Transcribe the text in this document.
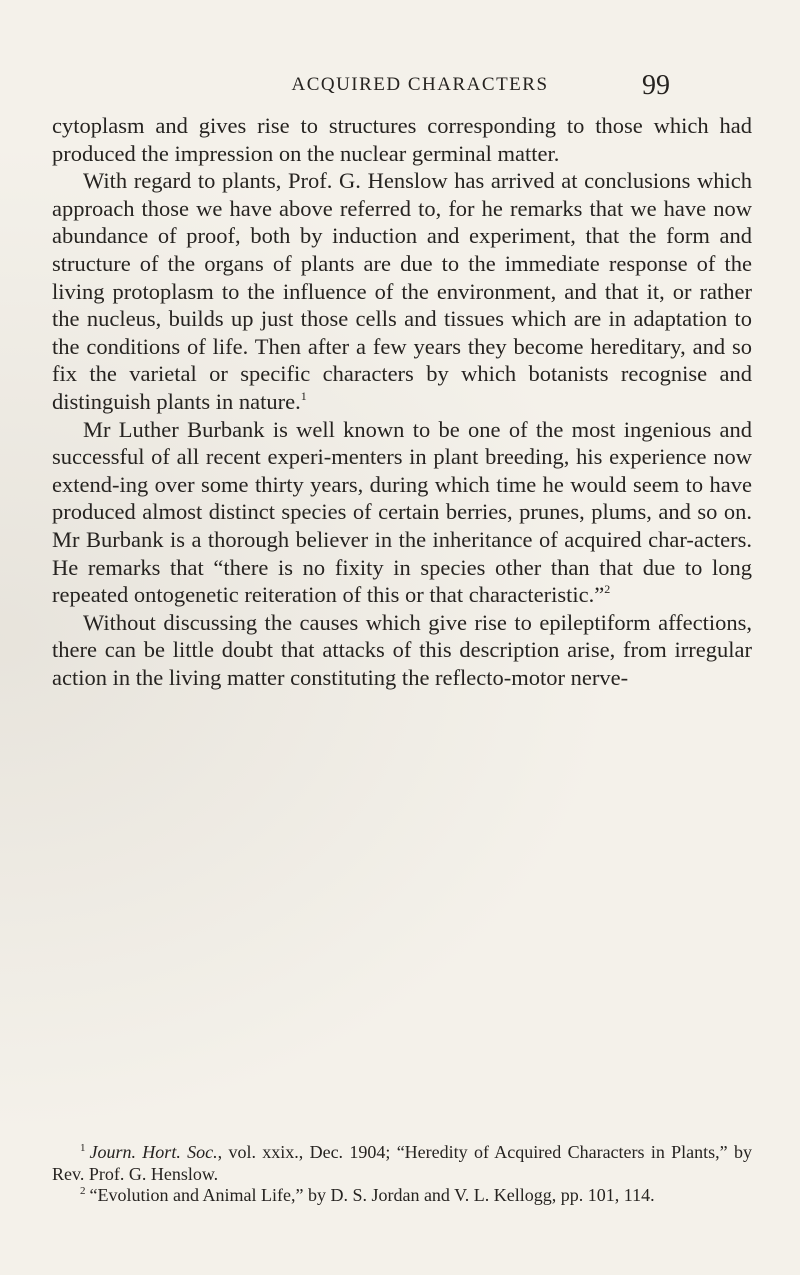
ACQUIRED CHARACTERS	99

cytoplasm and gives rise to structures corresponding to those which had produced the impression on the nuclear germinal matter.

With regard to plants, Prof. G. Henslow has arrived at conclusions which approach those we have above referred to, for he remarks that we have now abundance of proof, both by induction and experiment, that the form and structure of the organs of plants are due to the immediate response of the living protoplasm to the influence of the environment, and that it, or rather the nucleus, builds up just those cells and tissues which are in adaptation to the conditions of life. Then after a few years they become hereditary, and so fix the varietal or specific characters by which botanists recognise and distinguish plants in nature.$^1$

Mr Luther Burbank is well known to be one of the most ingenious and successful of all recent experi-menters in plant breeding, his experience now extend-ing over some thirty years, during which time he would seem to have produced almost distinct species of certain berries, prunes, plums, and so on. Mr Burbank is a thorough believer in the inheritance of acquired char-acters. He remarks that “there is no fixity in species other than that due to long repeated ontogenetic reiteration of this or that characteristic.”$^2$

Without discussing the causes which give rise to epileptiform affections, there can be little doubt that attacks of this description arise, from irregular action in the living matter constituting the reflecto-motor nerve-

$^1$ Journ. Hort. Soc., vol. xxix., Dec. 1904; “Heredity of Acquired Characters in Plants,” by Rev. Prof. G. Henslow.

$^2$ “Evolution and Animal Life,” by D. S. Jordan and V. L. Kellogg, pp. 101, 114.
